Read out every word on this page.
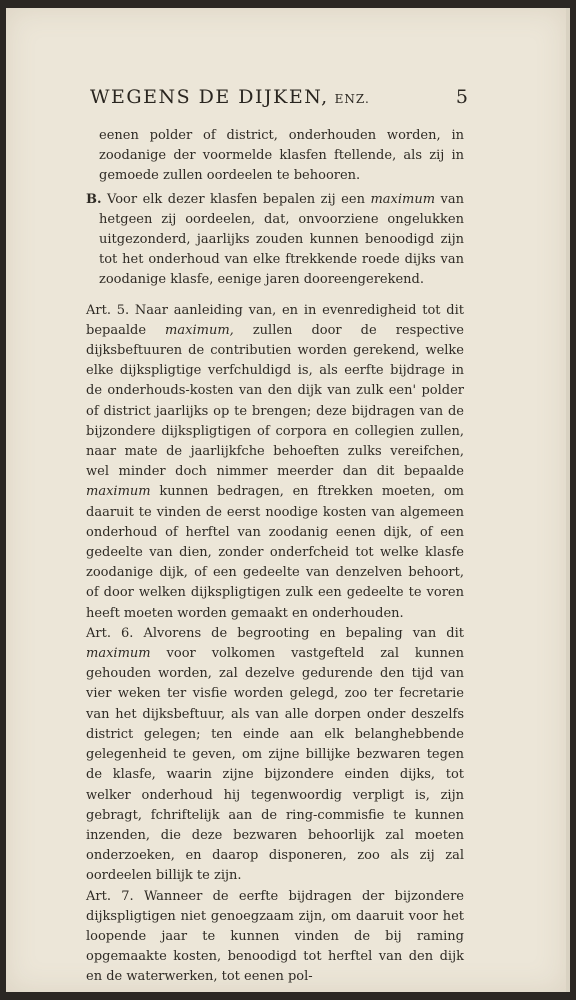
WEGENS DE DIJKEN, ENZ.	5

eenen polder of district, onderhouden worden, in zoodanige der voormelde klasfen ftellende, als zij in gemoede zullen oordeelen te behooren.

B. Voor elk dezer klasfen bepalen zij een maximum van hetgeen zij oordeelen, dat, onvoorziene ongelukken uitgezonderd, jaarlijks zouden kunnen benoodigd zijn tot het onderhoud van elke ftrekkende roede dijks van zoodanige klasfe, eenige jaren dooreengerekend.

Art. 5. Naar aanleiding van, en in evenredigheid tot dit bepaalde maximum, zullen door de respective dijksbeftuuren de contributien worden gerekend, welke elke dijkspligtige verfchuldigd is, als eerfte bijdrage in de onderhouds-kosten van den dijk van zulk een' polder of district jaarlijks op te brengen; deze bijdragen van de bijzondere dijkspligtigen of corpora en collegien zullen, naar mate de jaarlijkfche behoeften zulks vereifchen, wel minder doch nimmer meerder dan dit bepaalde maximum kunnen bedragen, en ftrekken moeten, om daaruit te vinden de eerst noodige kosten van algemeen onderhoud of herftel van zoodanig eenen dijk, of een gedeelte van dien, zonder onderfcheid tot welke klasfe zoodanige dijk, of een gedeelte van denzelven behoort, of door welken dijkspligtigen zulk een gedeelte te voren heeft moeten worden gemaakt en onderhouden.

Art. 6. Alvorens de begrooting en bepaling van dit maximum voor volkomen vastgefteld zal kunnen gehouden worden, zal dezelve gedurende den tijd van vier weken ter visfie worden gelegd, zoo ter fecretarie van het dijksbeftuur, als van alle dorpen onder deszelfs district gelegen; ten einde aan elk belanghebbende gelegenheid te geven, om zijne billijke bezwaren tegen de klasfe, waarin zijne bijzondere einden dijks, tot welker onderhoud hij tegenwoordig verpligt is, zijn gebragt, fchriftelijk aan de ring-commisfie te kunnen inzenden, die deze bezwaren behoorlijk zal moeten onderzoeken, en daarop disponeren, zoo als zij zal oordeelen billijk te zijn.

Art. 7. Wanneer de eerfte bijdragen der bijzondere dijkspligtigen niet genoegzaam zijn, om daaruit voor het loopende jaar te kunnen vinden de bij raming opgemaakte kosten, benoodigd tot herftel van den dijk en de waterwerken, tot eenen pol-
